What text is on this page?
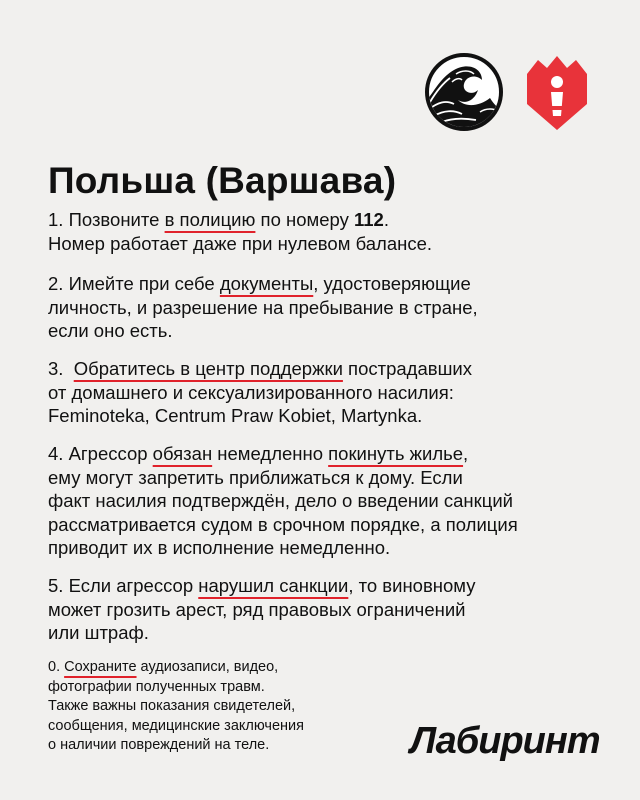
Польша (Варшава)

1. Позвоните в полицию по номеру 112.
Номер работает даже при нулевом балансе.

2. Имейте при себе документы, удостоверяющие
личность, и разрешение на пребывание в стране,
если оно есть.

3.  Обратитесь в центр поддержки пострадавших
от домашнего и сексуализированного насилия:
Feminoteka, Centrum Praw Kobiet, Martynka.

4. Агрессор обязан немедленно покинуть жилье,
ему могут запретить приближаться к дому. Если
факт насилия подтверждён, дело о введении санкций
рассматривается судом в срочном порядке, а полиция
приводит их в исполнение немедленно.

5. Если агрессор нарушил санкции, то виновному
может грозить арест, ряд правовых ограничений
или штраф.

0. Сохраните аудиозаписи, видео,
фотографии полученных травм.
Также важны показания свидетелей,
сообщения, медицинские заключения
о наличии повреждений на теле.	Лабиринт
